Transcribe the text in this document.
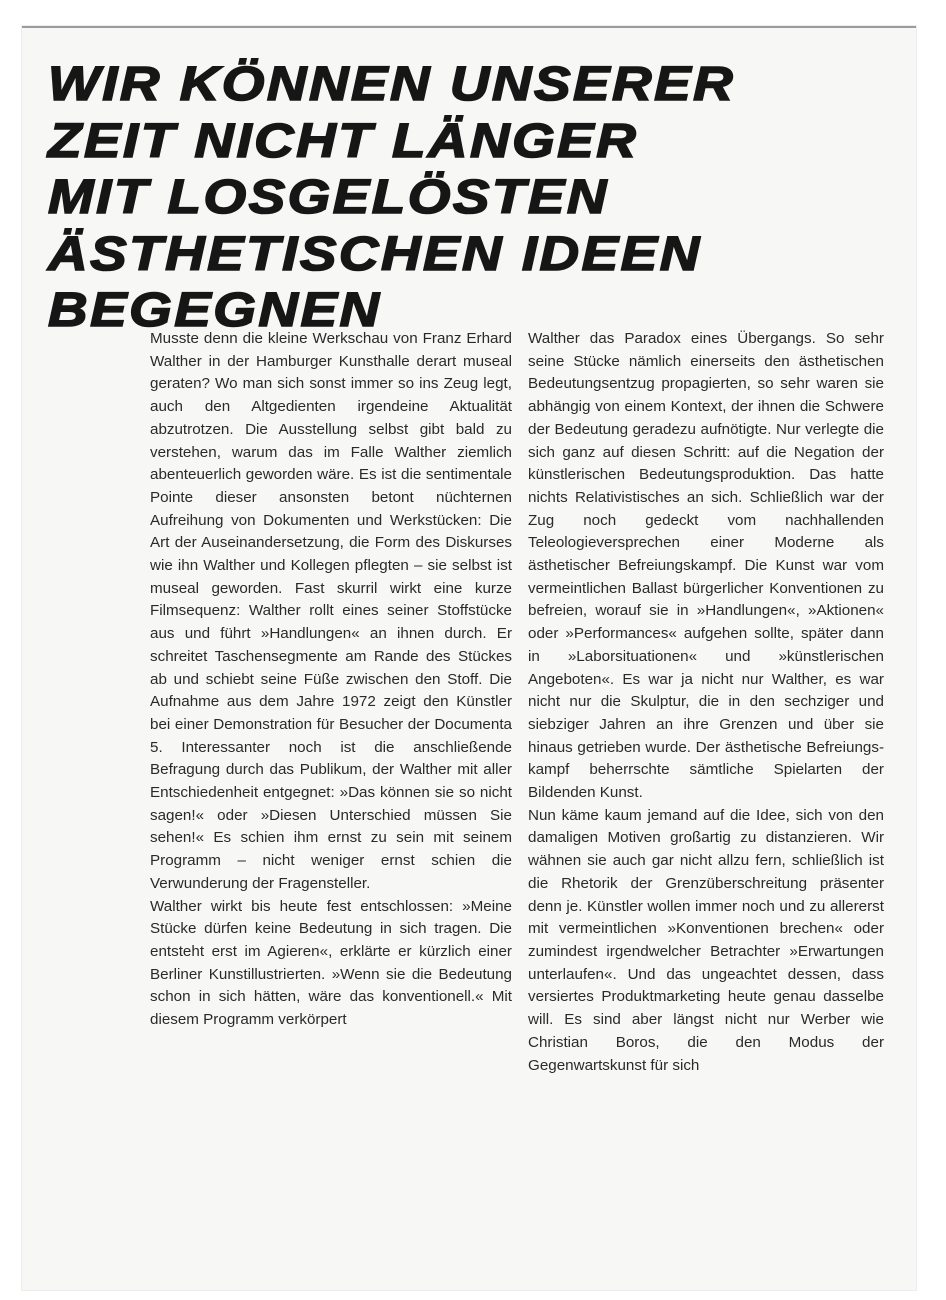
WIR KÖNNEN UNSERER
ZEIT NICHT LÄNGER
MIT LOSGELÖSTEN
ÄSTHETISCHEN IDEEN
BEGEGNEN

Musste denn die kleine Werkschau von Franz Erhard Walther in der Hamburger Kunsthalle derart museal geraten? Wo man sich sonst immer so ins Zeug legt, auch den Altgedienten irgendeine Aktualität abzutrotzen. Die Ausstellung selbst gibt bald zu verstehen, warum das im Falle Walther ziemlich abenteuerlich geworden wäre. Es ist die sentimentale Pointe dieser ansonsten betont nüchternen Aufreihung von Dokumenten und Werkstücken: Die Art der Auseinandersetzung, die Form des Diskurses wie ihn Walther und Kollegen pflegten – sie selbst ist museal geworden. Fast skurril wirkt eine kurze Filmsequenz: Walther rollt eines seiner Stoffstücke aus und führt »Handlungen« an ihnen durch. Er schreitet Taschensegmente am Rande des Stückes ab und schiebt seine Füße zwischen den Stoff. Die Aufnahme aus dem Jahre 1972 zeigt den Künstler bei einer Demonstration für Besucher der Documenta 5. Interessanter noch ist die anschließende Befragung durch das Publikum, der Walther mit aller Entschiedenheit entgegnet: »Das können sie so nicht sagen!« oder »Diesen Unterschied müssen Sie sehen!« Es schien ihm ernst zu sein mit seinem Programm – nicht weniger ernst schien die Verwunderung der Fragensteller.

Walther wirkt bis heute fest entschlossen: »Meine Stücke dürfen keine Bedeutung in sich tragen. Die entsteht erst im Agieren«, erklärte er kürzlich einer Berliner Kunstillustrierten. »Wenn sie die Bedeutung schon in sich hätten, wäre das konventionell.« Mit diesem Programm verkörpert

Walther das Paradox eines Übergangs. So sehr seine Stücke nämlich einerseits den ästhetischen Bedeutungsentzug propagierten, so sehr waren sie abhängig von einem Kontext, der ihnen die Schwere der Bedeutung geradezu aufnötigte. Nur verlegte die sich ganz auf diesen Schritt: auf die Negation der künstlerischen Bedeutungsproduktion. Das hatte nichts Relativistisches an sich. Schließlich war der Zug noch gedeckt vom nachhallenden Teleologieversprechen einer Moderne als ästhetischer Befreiungskampf. Die Kunst war vom vermeintlichen Ballast bürgerlicher Konventionen zu befreien, worauf sie in »Handlungen«, »Aktionen« oder »Performances« aufgehen sollte, später dann in »Laborsituationen« und »künstlerischen Angeboten«. Es war ja nicht nur Walther, es war nicht nur die Skulptur, die in den sechziger und siebziger Jahren an ihre Grenzen und über sie hinaus getrieben wurde. Der ästhetische Befreiungskampf beherrschte sämtliche Spielarten der Bildenden Kunst.

Nun käme kaum jemand auf die Idee, sich von den damaligen Motiven großartig zu distanzieren. Wir wähnen sie auch gar nicht allzu fern, schließlich ist die Rhetorik der Grenzüberschreitung präsenter denn je. Künstler wollen immer noch und zu allererst mit vermeintlichen »Konventionen brechen« oder zumindest irgendwelcher Betrachter »Erwartungen unterlaufen«. Und das ungeachtet dessen, dass versiertes Produktmarketing heute genau dasselbe will. Es sind aber längst nicht nur Werber wie Christian Boros, die den Modus der Gegenwartskunst für sich
